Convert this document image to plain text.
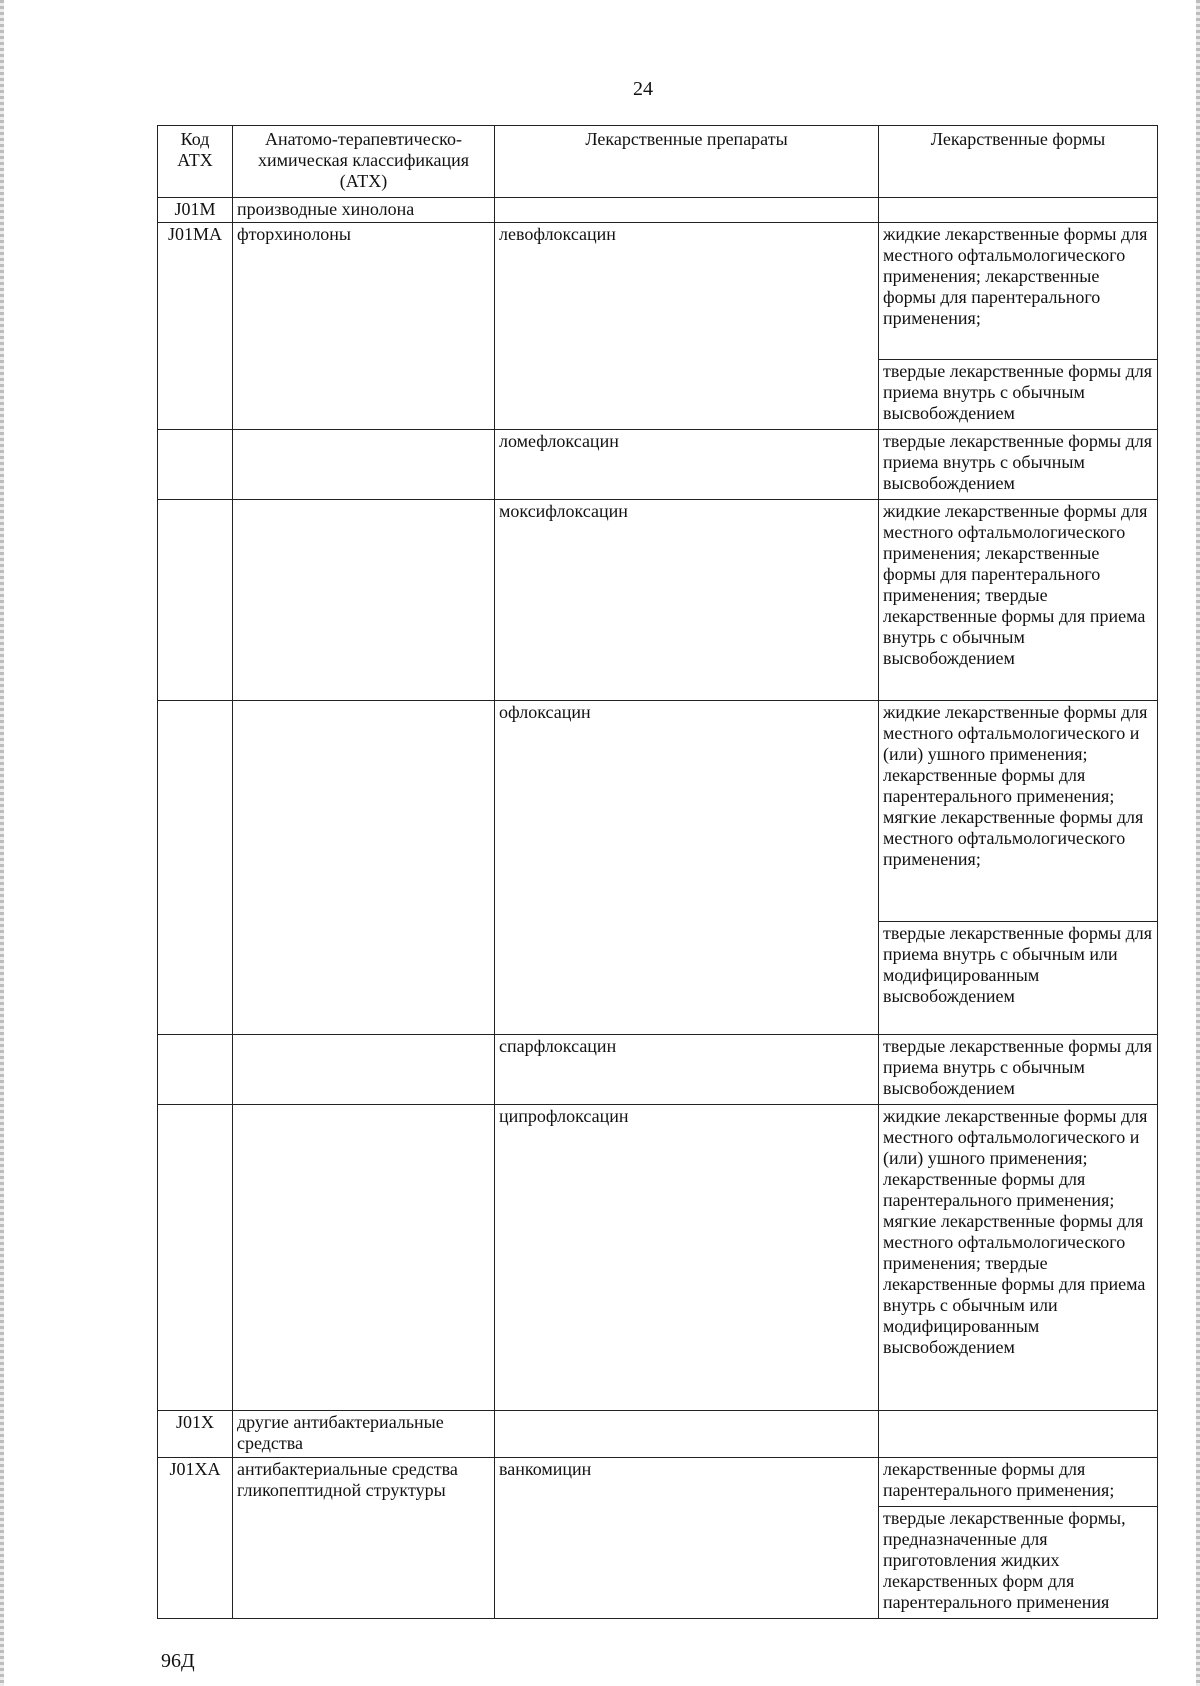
24
Код АТХ	Анатомо-терапевтическо-химическая классификация (АТХ)	Лекарственные препараты	Лекарственные формы
J01M	производные хинолона		
J01MA	фторхинолоны	левофлоксацин	жидкие лекарственные формы для местного офтальмологического применения; лекарственные формы для парентерального применения;
			твердые лекарственные формы для приема внутрь с обычным высвобождением
		ломефлоксацин	твердые лекарственные формы для приема внутрь с обычным высвобождением
		моксифлоксацин	жидкие лекарственные формы для местного офтальмологического применения; лекарственные формы для парентерального применения; твердые лекарственные формы для приема внутрь с обычным высвобождением
		офлоксацин	жидкие лекарственные формы для местного офтальмологического и (или) ушного применения; лекарственные формы для парентерального применения; мягкие лекарственные формы для местного офтальмологического применения;
			твердые лекарственные формы для приема внутрь с обычным или модифицированным высвобождением
		спарфлоксацин	твердые лекарственные формы для приема внутрь с обычным высвобождением
		ципрофлоксацин	жидкие лекарственные формы для местного офтальмологического и (или) ушного применения; лекарственные формы для парентерального применения; мягкие лекарственные формы для местного офтальмологического применения; твердые лекарственные формы для приема внутрь с обычным или модифицированным высвобождением
J01X	другие антибактериальные средства		
J01XA	антибактериальные средства гликопептидной структуры	ванкомицин	лекарственные формы для парентерального применения;
			твердые лекарственные формы, предназначенные для приготовления жидких лекарственных форм для парентерального применения
96Д
